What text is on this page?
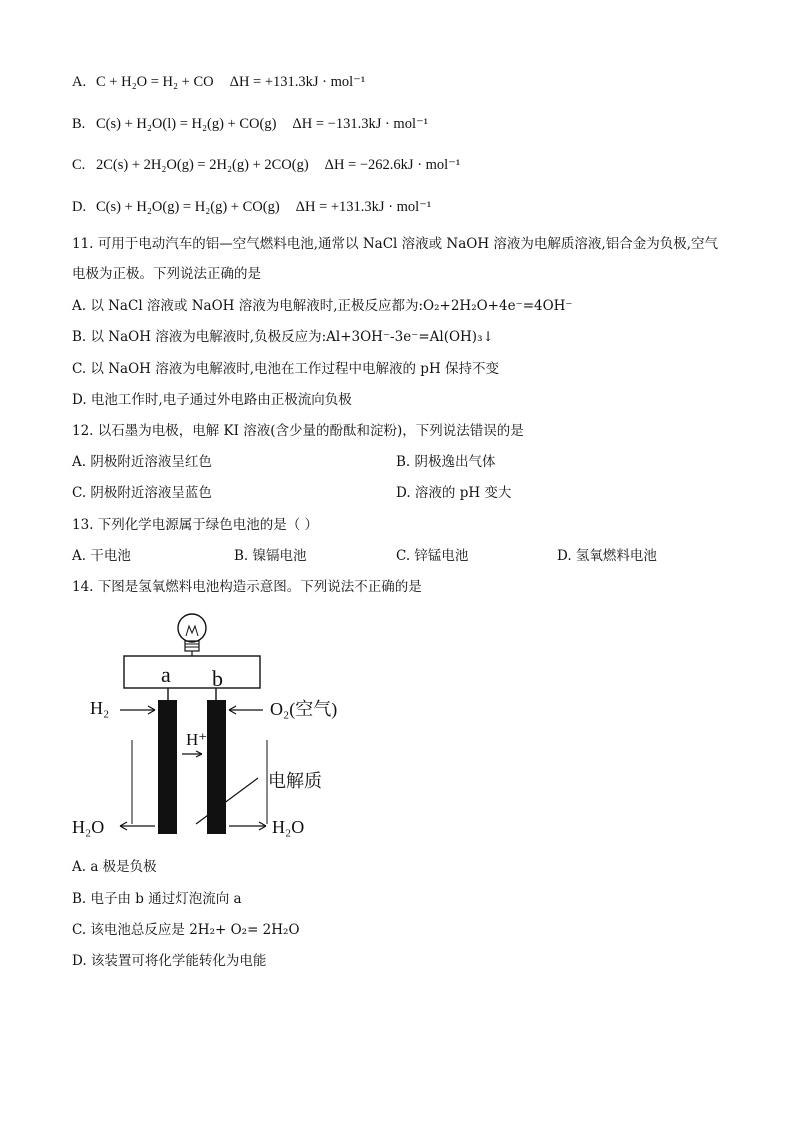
A. C + H₂O = H₂ + CO ΔH = +131.3kJ · mol⁻¹
B. C(s) + H₂O(l) = H₂(g) + CO(g) ΔH = −131.3kJ · mol⁻¹
C. 2C(s) + 2H₂O(g) = 2H₂(g) + 2CO(g) ΔH = −262.6kJ · mol⁻¹
D. C(s) + H₂O(g) = H₂(g) + CO(g) ΔH = +131.3kJ · mol⁻¹
11. 可用于电动汽车的铝—空气燃料电池,通常以 NaCl 溶液或 NaOH 溶液为电解质溶液,铝合金为负极,空气
电极为正极。下列说法正确的是
A. 以 NaCl 溶液或 NaOH 溶液为电解液时,正极反应都为:O₂+2H₂O+4e⁻=4OH⁻
B. 以 NaOH 溶液为电解液时,负极反应为:Al+3OH⁻-3e⁻=Al(OH)₃↓
C. 以 NaOH 溶液为电解液时,电池在工作过程中电解液的 pH 保持不变
D. 电池工作时,电子通过外电路由正极流向负极
12. 以石墨为电极，电解 KI 溶液(含少量的酚酞和淀粉)，下列说法错误的是
A. 阴极附近溶液呈红色	B. 阴极逸出气体
C. 阴极附近溶液呈蓝色	D. 溶液的 pH 变大
13. 下列化学电源属于绿色电池的是（ ）
A. 干电池	B. 镍镉电池	C. 锌锰电池	D. 氢氧燃料电池
14. 下图是氢氧燃料电池构造示意图。下列说法不正确的是
a b
H₂	O₂(空气)
H⁺
电解质
H₂O	H₂O
A. a 极是负极
B. 电子由 b 通过灯泡流向 a
C. 该电池总反应是 2H₂+ O₂= 2H₂O
D. 该装置可将化学能转化为电能
